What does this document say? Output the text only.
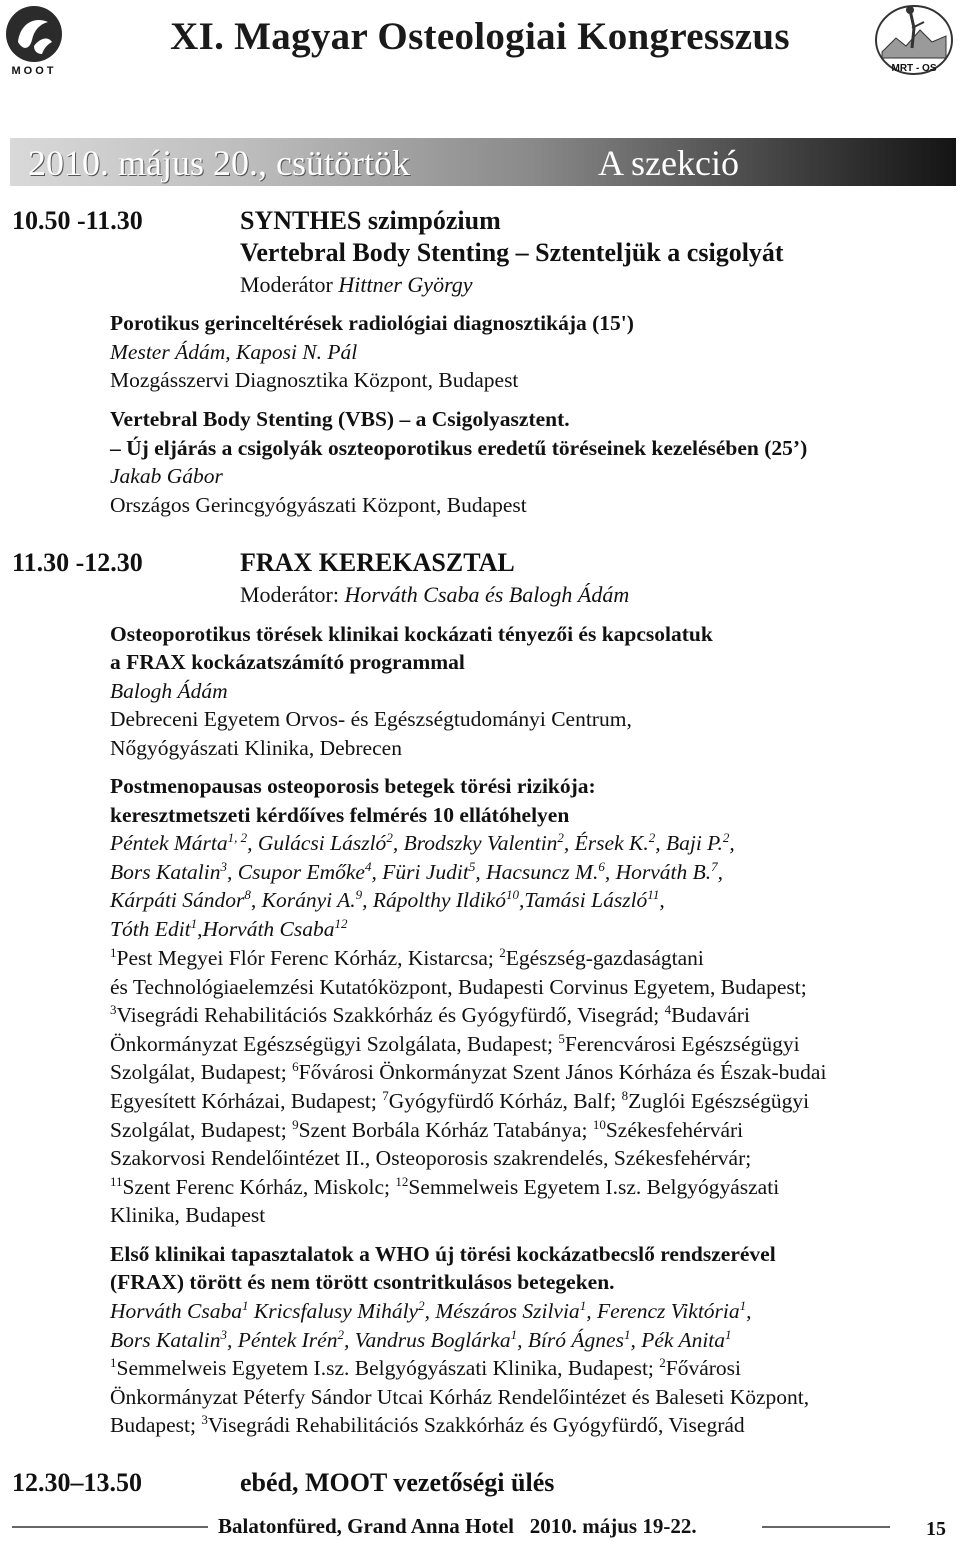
MOOT
XI. Magyar Osteologiai Kongresszus
MRT - OS
2010. május 20., csütörtök	A szekció
10.50 -11.30	SYNTHES szimpózium
Vertebral Body Stenting – Sztenteljük a csigolyát
Moderátor Hittner György
Porotikus gerinceltérések radiológiai diagnosztikája (15')
Mester Ádám, Kaposi N. Pál
Mozgásszervi Diagnosztika Központ, Budapest
Vertebral Body Stenting (VBS) – a Csigolyasztent.
– Új eljárás a csigolyák oszteoporotikus eredetű töréseinek kezelésében (25’)
Jakab Gábor
Országos Gerincgyógyászati Központ, Budapest
11.30 -12.30	FRAX KEREKASZTAL
Moderátor: Horváth Csaba és Balogh Ádám
Osteoporotikus törések klinikai kockázati tényezői és kapcsolatuk
a FRAX kockázatszámító programmal
Balogh Ádám
Debreceni Egyetem Orvos- és Egészségtudományi Centrum,
Nőgyógyászati Klinika, Debrecen
Postmenopausas osteoporosis betegek törési rizikója:
keresztmetszeti kérdőíves felmérés 10 ellátóhelyen
Péntek Márta$^{1, 2}$, Gulácsi László$^2$, Brodszky Valentin$^2$, Érsek K.$^2$, Baji P.$^2$,
Bors Katalin$^3$, Csupor Emőke$^4$, Füri Judit$^5$, Hacsuncz M.$^6$, Horváth B.$^7$,
Kárpáti Sándor$^8$, Korányi A.$^9$, Rápolthy Ildikó$^{10}$,Tamási László$^{11}$,
Tóth Edit$^1$,Horváth Csaba$^{12}$
$^1$Pest Megyei Flór Ferenc Kórház, Kistarcsa; $^2$Egészség-gazdaságtani
és Technológiaelemzési Kutatóközpont, Budapesti Corvinus Egyetem, Budapest;
$^3$Visegrádi Rehabilitációs Szakkórház és Gyógyfürdő, Visegrád; $^4$Budavári
Önkormányzat Egészségügyi Szolgálata, Budapest; $^5$Ferencvárosi Egészségügyi
Szolgálat, Budapest; $^6$Fővárosi Önkormányzat Szent János Kórháza és Észak-budai
Egyesített Kórházai, Budapest; $^7$Gyógyfürdő Kórház, Balf; $^8$Zuglói Egészségügyi
Szolgálat, Budapest; $^9$Szent Borbála Kórház Tatabánya; $^{10}$Székesfehérvári
Szakorvosi Rendelőintézet II., Osteoporosis szakrendelés, Székesfehérvár;
$^{11}$Szent Ferenc Kórház, Miskolc; $^{12}$Semmelweis Egyetem I.sz. Belgyógyászati
Klinika, Budapest
Első klinikai tapasztalatok a WHO új törési kockázatbecslő rendszerével
(FRAX) törött és nem törött csontritkulásos betegeken.
Horváth Csaba$^1$ Kricsfalusy Mihály$^2$, Mészáros Szilvia$^1$, Ferencz Viktória$^1$,
Bors Katalin$^3$, Péntek Irén$^2$, Vandrus Boglárka$^1$, Bíró Ágnes$^1$, Pék Anita$^1$
$^1$Semmelweis Egyetem I.sz. Belgyógyászati Klinika, Budapest; $^2$Fővárosi
Önkormányzat Péterfy Sándor Utcai Kórház Rendelőintézet és Baleseti Központ,
Budapest; $^3$Visegrádi Rehabilitációs Szakkórház és Gyógyfürdő, Visegrád
12.30–13.50	ebéd, MOOT vezetőségi ülés
Balatonfüred, Grand Anna Hotel   2010. május 19-22.	15
